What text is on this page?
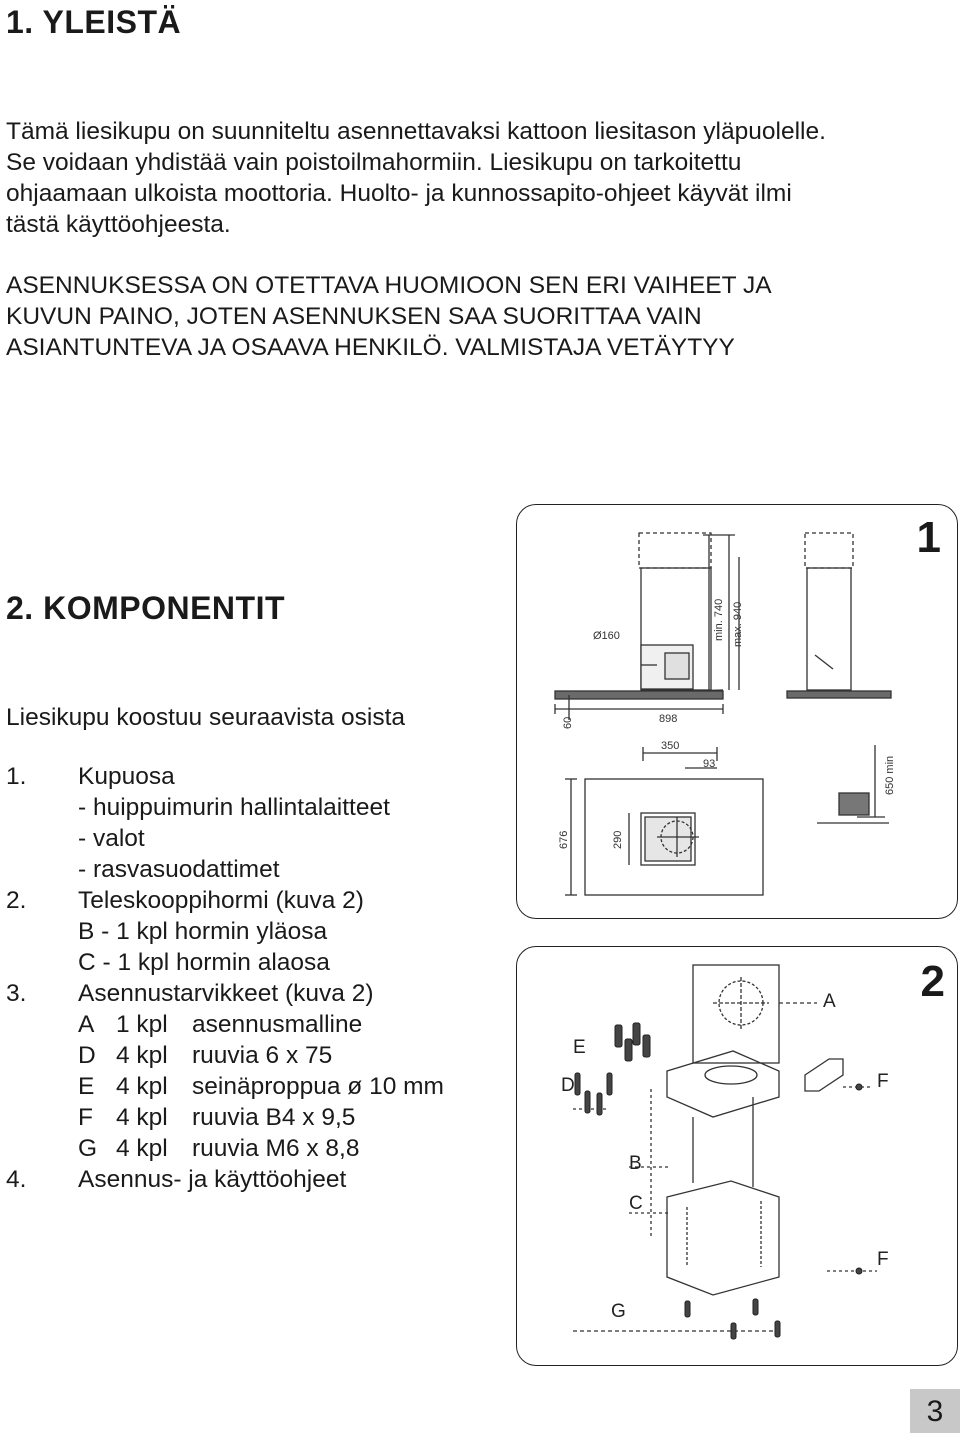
1. YLEISTÄ

Tämä liesikupu on suunniteltu asennettavaksi kattoon liesitason yläpuolelle.

Se voidaan yhdistää vain poistoilmahormiin. Liesikupu on tarkoitettu

ohjaamaan ulkoista moottoria. Huolto- ja kunnossapito-ohjeet käyvät ilmi

tästä käyttöohjeesta.

ASENNUKSESSA ON OTETTAVA HUOMIOON SEN ERI VAIHEET JA

KUVUN PAINO, JOTEN ASENNUKSEN SAA SUORITTAA VAIN

ASIANTUNTEVA JA OSAAVA HENKILÖ. VALMISTAJA VETÄYTYY

2. KOMPONENTIT
Liesikupu koostuu seuraavista osista
1. Kupuosa
- huippuimurin hallintalaitteet
- valot
- rasvasuodattimet
2. Teleskooppihormi (kuva 2)
B - 1 kpl hormin yläosa
C - 1 kpl hormin alaosa
3. Asennustarvikkeet (kuva 2)
A 1 kpl asennusmalline
D 4 kpl ruuvia 6 x 75
E 4 kpl seinäproppua ø 10 mm
F 4 kpl ruuvia B4 x 9,5
G 4 kpl ruuvia M6 x 8,8
4. Asennus- ja käyttöohjeet
1
Ø160	min. 740 max. 940
60	898
350
93
676	290
650 min
2
A
E
D	F
B
C
F
G
3
